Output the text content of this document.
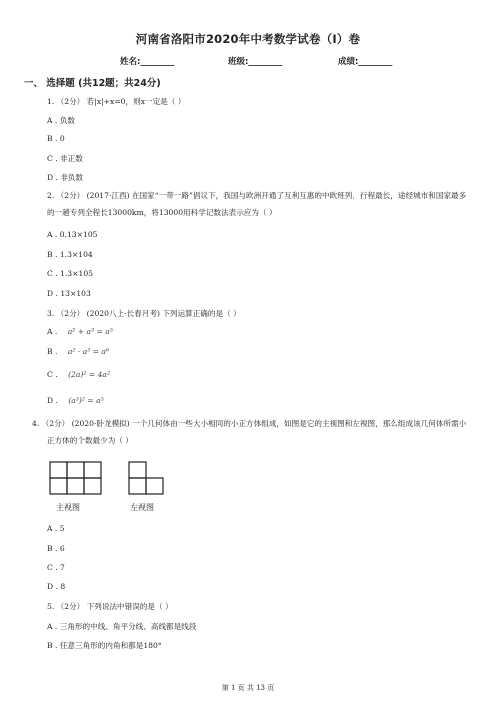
河南省洛阳市2020年中考数学试卷（I）卷
姓名:________	班级:________	成绩:________
一、 选择题 (共12题；共24分)
1. （2分） 若|x|+x=0，则x一定是（ ）
A . 负数
B . 0
C . 非正数
D . 非负数
2. （2分） (2017·江西) 在国家“一带一路”倡议下，我国与欧洲开通了互利互惠的中欧班列．行程最长，途经城市和国家最多的一趟专列全程长13000km，将13000用科学记数法表示应为（ ）
A . 0.13×105
B . 1.3×104
C . 1.3×105
D . 13×103
3. （2分） (2020八上·长春月考) 下列运算正确的是（ ）
A . a² + a³ = a⁵
B . a² · a³ = a⁶
C . (2a)² = 4a²
D . (a³)² = a⁵
4. （2分） (2020·卧龙模拟) 一个几何体由一些大小相同的小正方体组成，如图是它的主视图和左视图，那么组成该几何体所需小正方体的个数最少为（ ）
主视图	左视图
A . 5
B . 6
C . 7
D . 8
5. （2分） 下列说法中错误的是（ ）
A . 三角形的中线、角平分线、高线都是线段
B . 任意三角形的内角和都是180°
第 1 页 共 13 页
